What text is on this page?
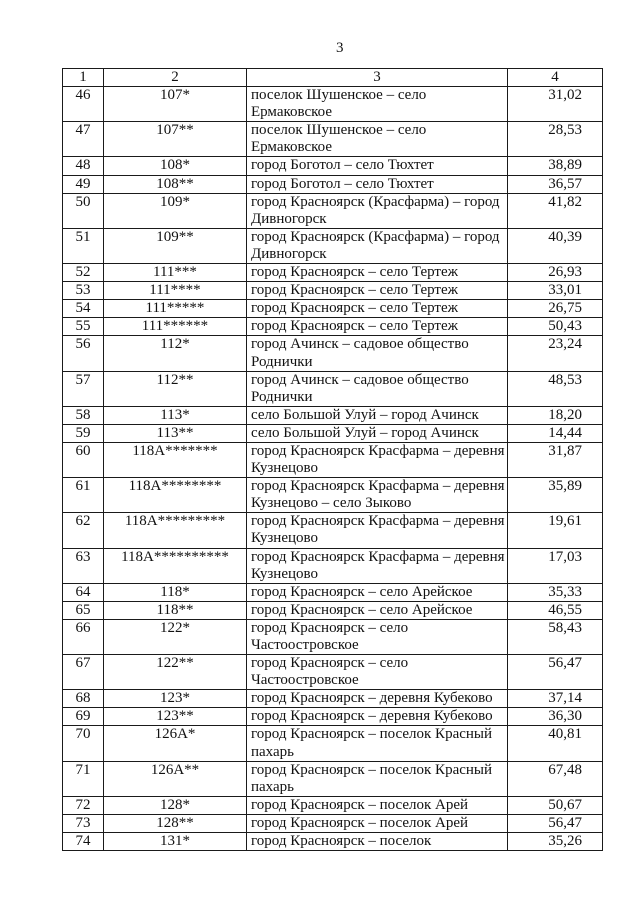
3
1	2	3	4
46	107*	поселок Шушенское – село
Ермаковское	31,02
47	107**	поселок Шушенское – село
Ермаковское	28,53
48	108*	город Боготол – село Тюхтет	38,89
49	108**	город Боготол – село Тюхтет	36,57
50	109*	город Красноярск (Красфарма) – город
Дивногорск	41,82
51	109**	город Красноярск (Красфарма) – город
Дивногорск	40,39
52	111***	город Красноярск – село Тертеж	26,93
53	111****	город Красноярск – село Тертеж	33,01
54	111*****	город Красноярск – село Тертеж	26,75
55	111******	город Красноярск – село Тертеж	50,43
56	112*	город Ачинск – садовое общество
Роднички	23,24
57	112**	город Ачинск – садовое общество
Роднички	48,53
58	113*	село Большой Улуй – город Ачинск	18,20
59	113**	село Большой Улуй – город Ачинск	14,44
60	118А*******	город Красноярск Красфарма – деревня
Кузнецово	31,87
61	118А********	город Красноярск Красфарма – деревня
Кузнецово – село Зыково	35,89
62	118А*********	город Красноярск Красфарма – деревня
Кузнецово	19,61
63	118А**********	город Красноярск Красфарма – деревня
Кузнецово	17,03
64	118*	город Красноярск – село Арейское	35,33
65	118**	город Красноярск – село Арейское	46,55
66	122*	город Красноярск – село
Частоостровское	58,43
67	122**	город Красноярск – село
Частоостровское	56,47
68	123*	город Красноярск – деревня Кубеково	37,14
69	123**	город Красноярск – деревня Кубеково	36,30
70	126А*	город Красноярск – поселок Красный
пахарь	40,81
71	126А**	город Красноярск – поселок Красный
пахарь	67,48
72	128*	город Красноярск – поселок Арей	50,67
73	128**	город Красноярск – поселок Арей	56,47
74	131*	город Красноярск – поселок	35,26
